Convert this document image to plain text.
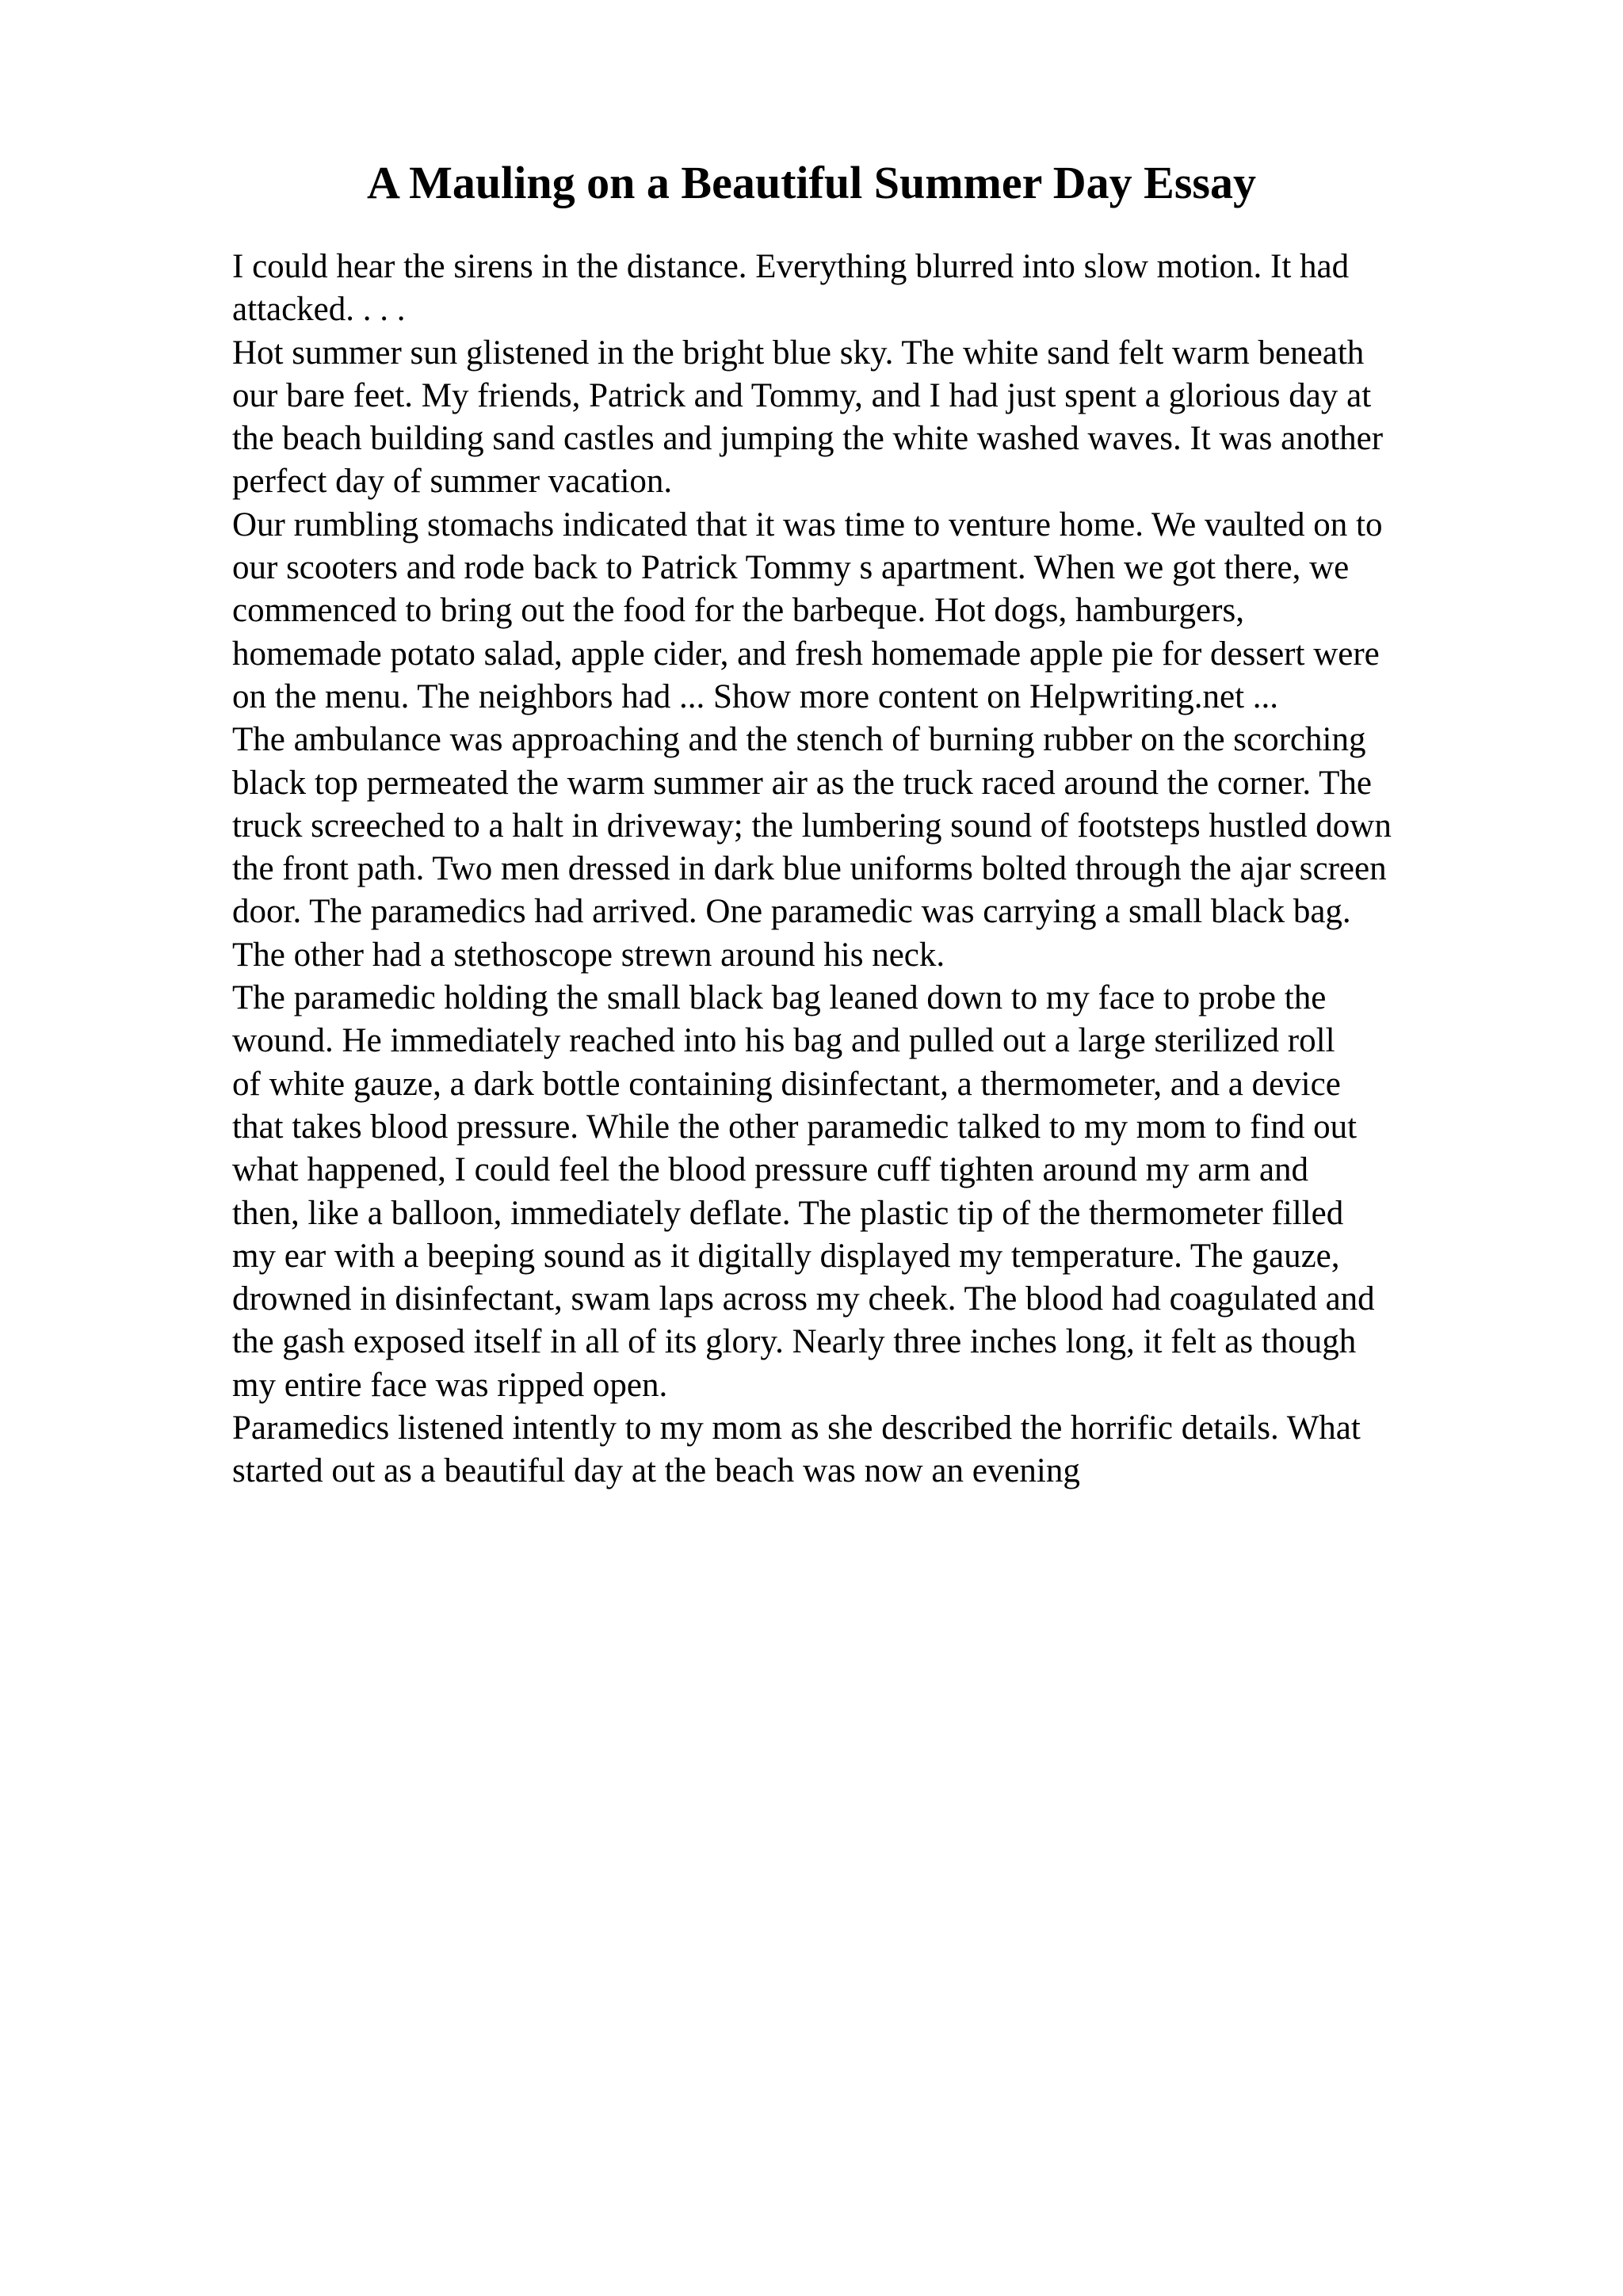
A Mauling on a Beautiful Summer Day Essay
I could hear the sirens in the distance. Everything blurred into slow motion. It had
attacked. . . .
Hot summer sun glistened in the bright blue sky. The white sand felt warm beneath
our bare feet. My friends, Patrick and Tommy, and I had just spent a glorious day at
the beach building sand castles and jumping the white washed waves. It was another
perfect day of summer vacation.
Our rumbling stomachs indicated that it was time to venture home. We vaulted on to
our scooters and rode back to Patrick Tommy s apartment. When we got there, we
commenced to bring out the food for the barbeque. Hot dogs, hamburgers,
homemade potato salad, apple cider, and fresh homemade apple pie for dessert were
on the menu. The neighbors had ... Show more content on Helpwriting.net ...
The ambulance was approaching and the stench of burning rubber on the scorching
black top permeated the warm summer air as the truck raced around the corner. The
truck screeched to a halt in driveway; the lumbering sound of footsteps hustled down
the front path. Two men dressed in dark blue uniforms bolted through the ajar screen
door. The paramedics had arrived. One paramedic was carrying a small black bag.
The other had a stethoscope strewn around his neck.
The paramedic holding the small black bag leaned down to my face to probe the
wound. He immediately reached into his bag and pulled out a large sterilized roll
of white gauze, a dark bottle containing disinfectant, a thermometer, and a device
that takes blood pressure. While the other paramedic talked to my mom to find out
what happened, I could feel the blood pressure cuff tighten around my arm and
then, like a balloon, immediately deflate. The plastic tip of the thermometer filled
my ear with a beeping sound as it digitally displayed my temperature. The gauze,
drowned in disinfectant, swam laps across my cheek. The blood had coagulated and
the gash exposed itself in all of its glory. Nearly three inches long, it felt as though
my entire face was ripped open.
Paramedics listened intently to my mom as she described the horrific details. What
started out as a beautiful day at the beach was now an evening
